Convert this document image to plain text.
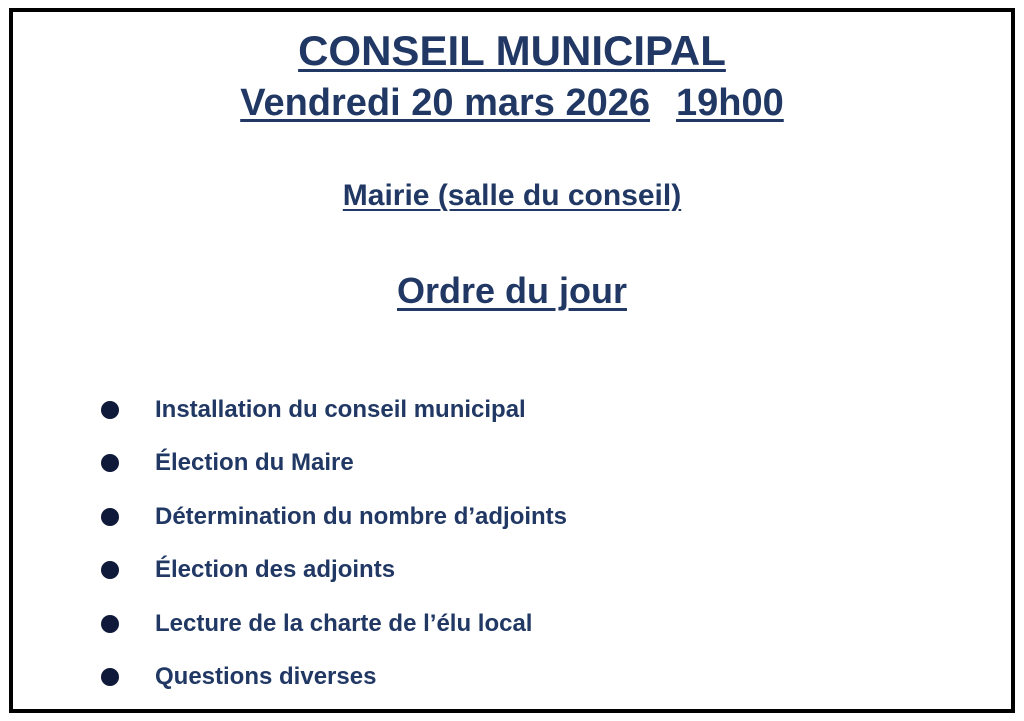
CONSEIL MUNICIPAL
Vendredi 20 mars 2026 19h00
Mairie (salle du conseil)
Ordre du jour
Installation du conseil municipal
Élection du Maire
Détermination du nombre d’adjoints
Élection des adjoints
Lecture de la charte de l’élu local
Questions diverses
